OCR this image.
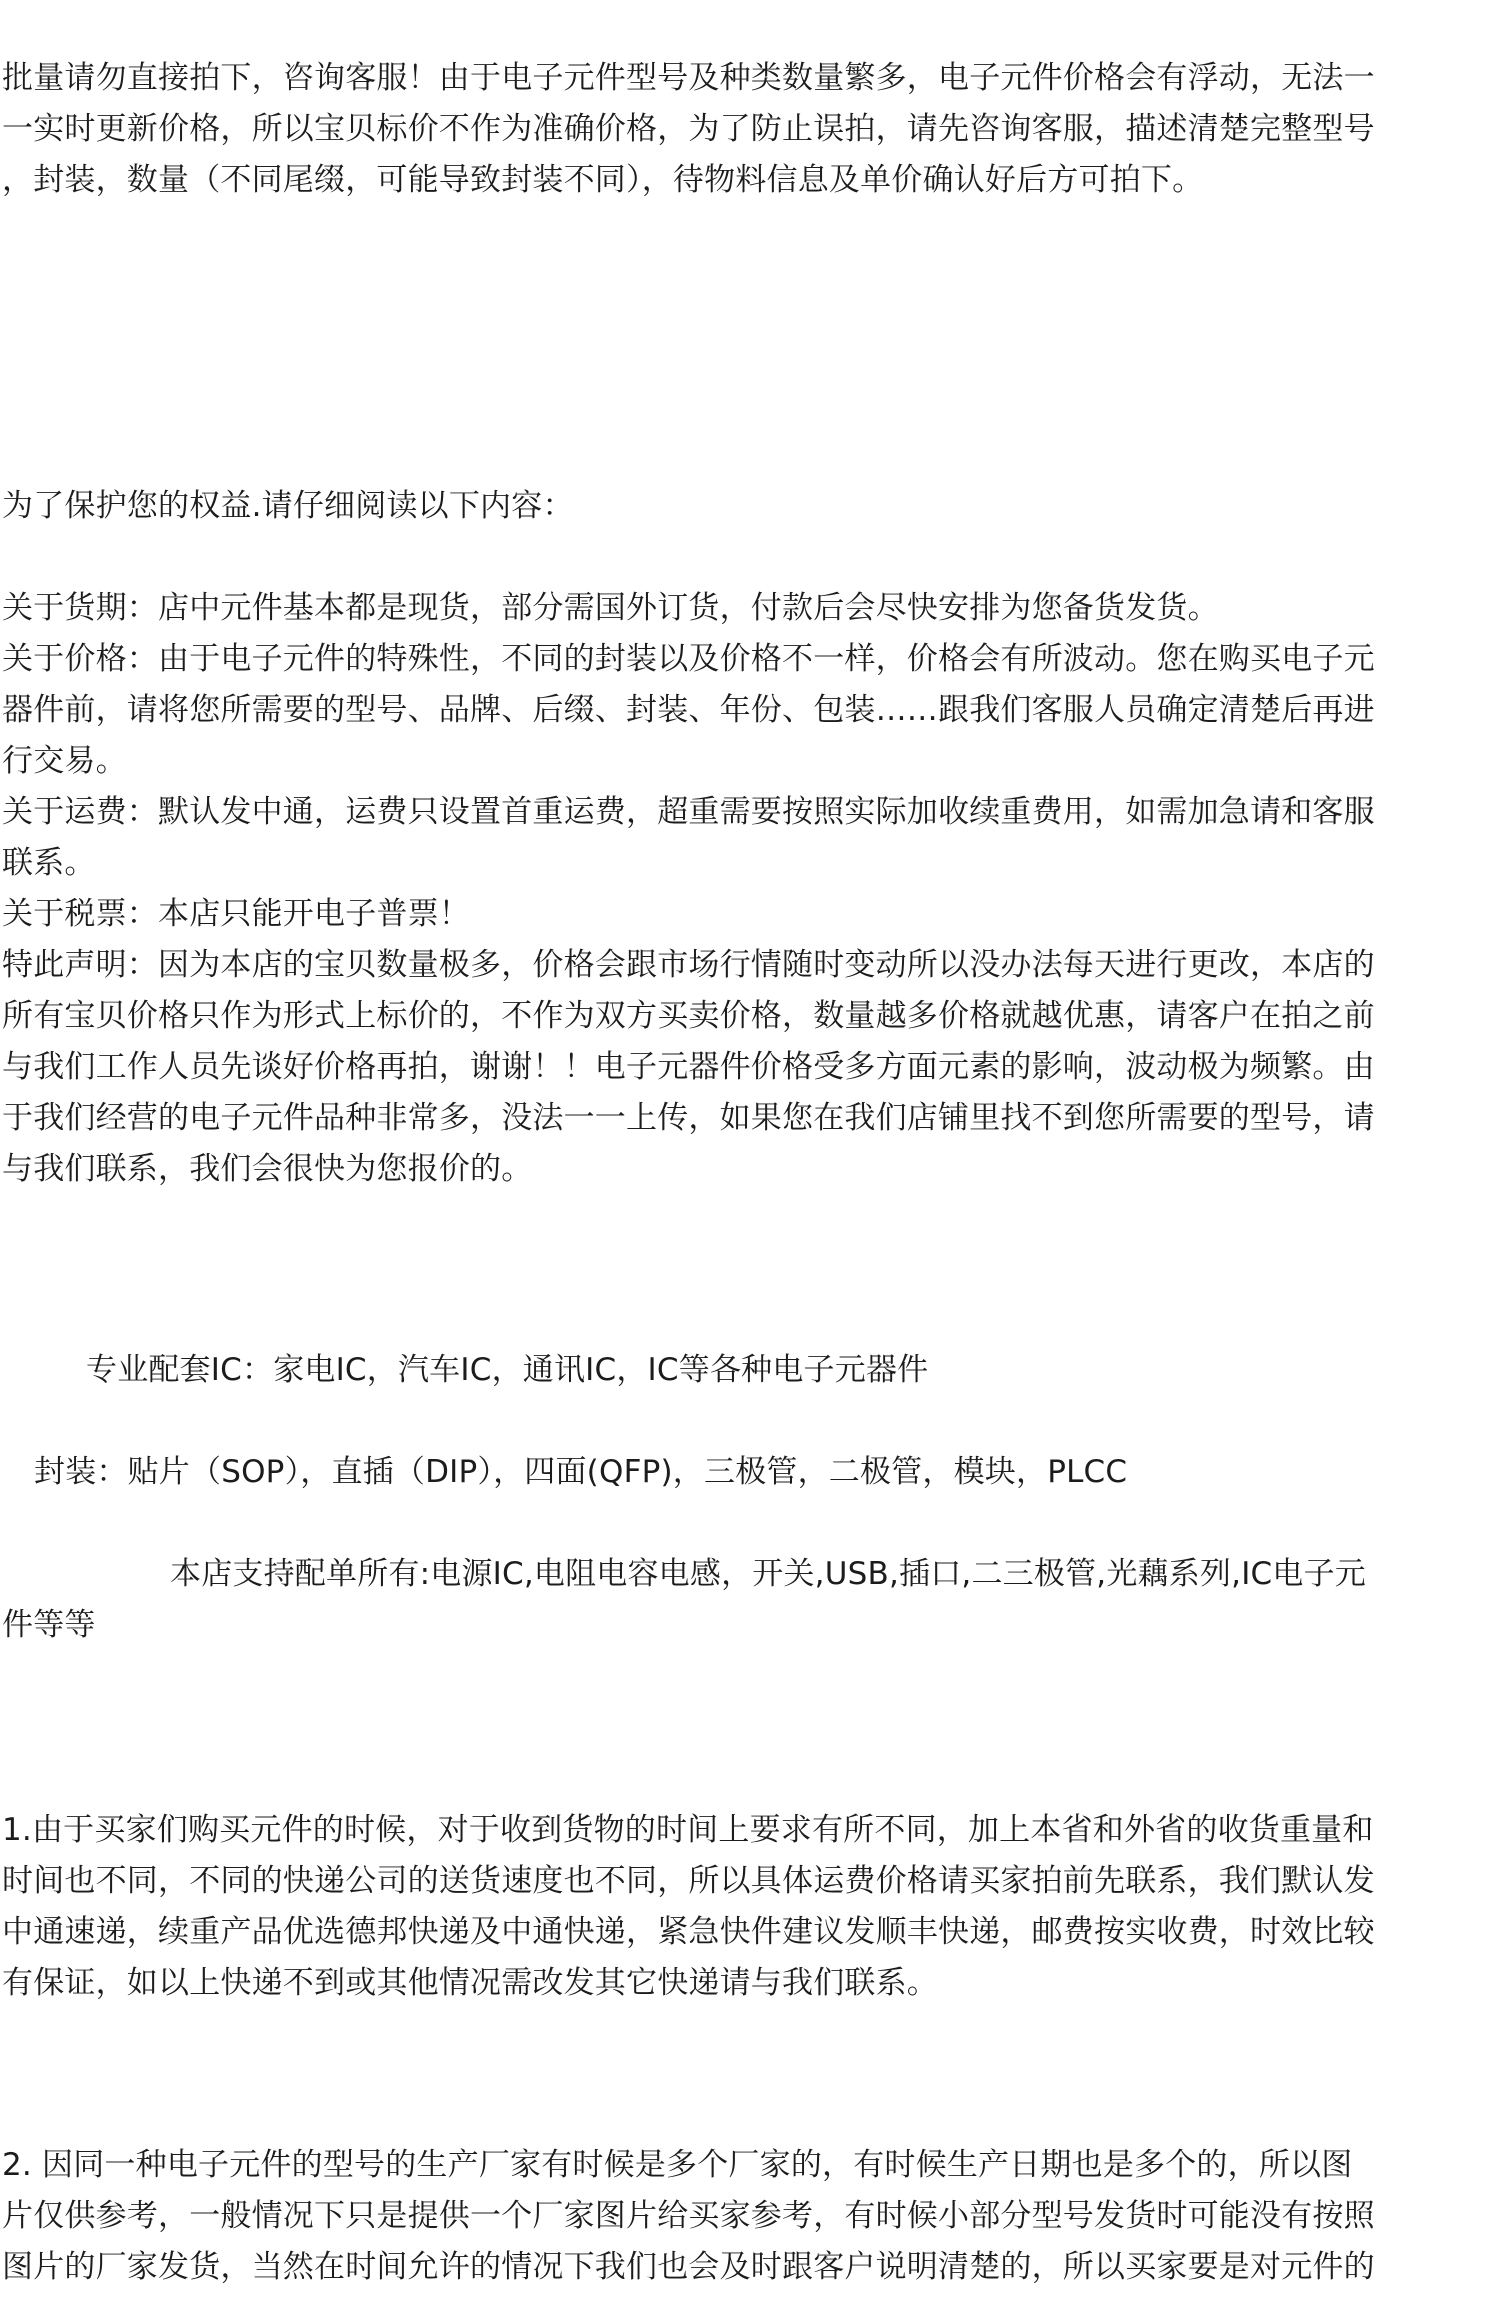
批量请勿直接拍下，咨询客服！由于电子元件型号及种类数量繁多，电子元件价格会有浮动，无法一
一实时更新价格，所以宝贝标价不作为准确价格，为了防止误拍，请先咨询客服，描述清楚完整型号
，封装，数量（不同尾缀，可能导致封装不同），待物料信息及单价确认好后方可拍下。
为了保护您的权益.请仔细阅读以下内容：
关于货期：店中元件基本都是现货，部分需国外订货，付款后会尽快安排为您备货发货。
关于价格：由于电子元件的特殊性，不同的封装以及价格不一样，价格会有所波动。您在购买电子元
器件前，请将您所需要的型号、品牌、后缀、封装、年份、包装……跟我们客服人员确定清楚后再进
行交易。
关于运费：默认发中通，运费只设置首重运费，超重需要按照实际加收续重费用，如需加急请和客服
联系。
关于税票：本店只能开电子普票！
特此声明：因为本店的宝贝数量极多，价格会跟市场行情随时变动所以没办法每天进行更改，本店的
所有宝贝价格只作为形式上标价的，不作为双方买卖价格，数量越多价格就越优惠，请客户在拍之前
与我们工作人员先谈好价格再拍，谢谢！！电子元器件价格受多方面元素的影响，波动极为频繁。由
于我们经营的电子元件品种非常多，没法一一上传，如果您在我们店铺里找不到您所需要的型号，请
与我们联系，我们会很快为您报价的。
专业配套IC：家电IC，汽车IC，通讯IC，IC等各种电子元器件
封装：贴片（SOP），直插（DIP），四面(QFP)，三极管，二极管，模块，PLCC
本店支持配单所有:电源IC,电阻电容电感，开关,USB,插口,二三极管,光藕系列,IC电子元
件等等
1.由于买家们购买元件的时候，对于收到货物的时间上要求有所不同，加上本省和外省的收货重量和
时间也不同，不同的快递公司的送货速度也不同，所以具体运费价格请买家拍前先联系，我们默认发
中通速递，续重产品优选德邦快递及中通快递，紧急快件建议发顺丰快递，邮费按实收费，时效比较
有保证，如以上快递不到或其他情况需改发其它快递请与我们联系。
2. 因同一种电子元件的型号的生产厂家有时候是多个厂家的，有时候生产日期也是多个的，所以图
片仅供参考，一般情况下只是提供一个厂家图片给买家参考，有时候小部分型号发货时可能没有按照
图片的厂家发货，当然在时间允许的情况下我们也会及时跟客户说明清楚的，所以买家要是对元件的
